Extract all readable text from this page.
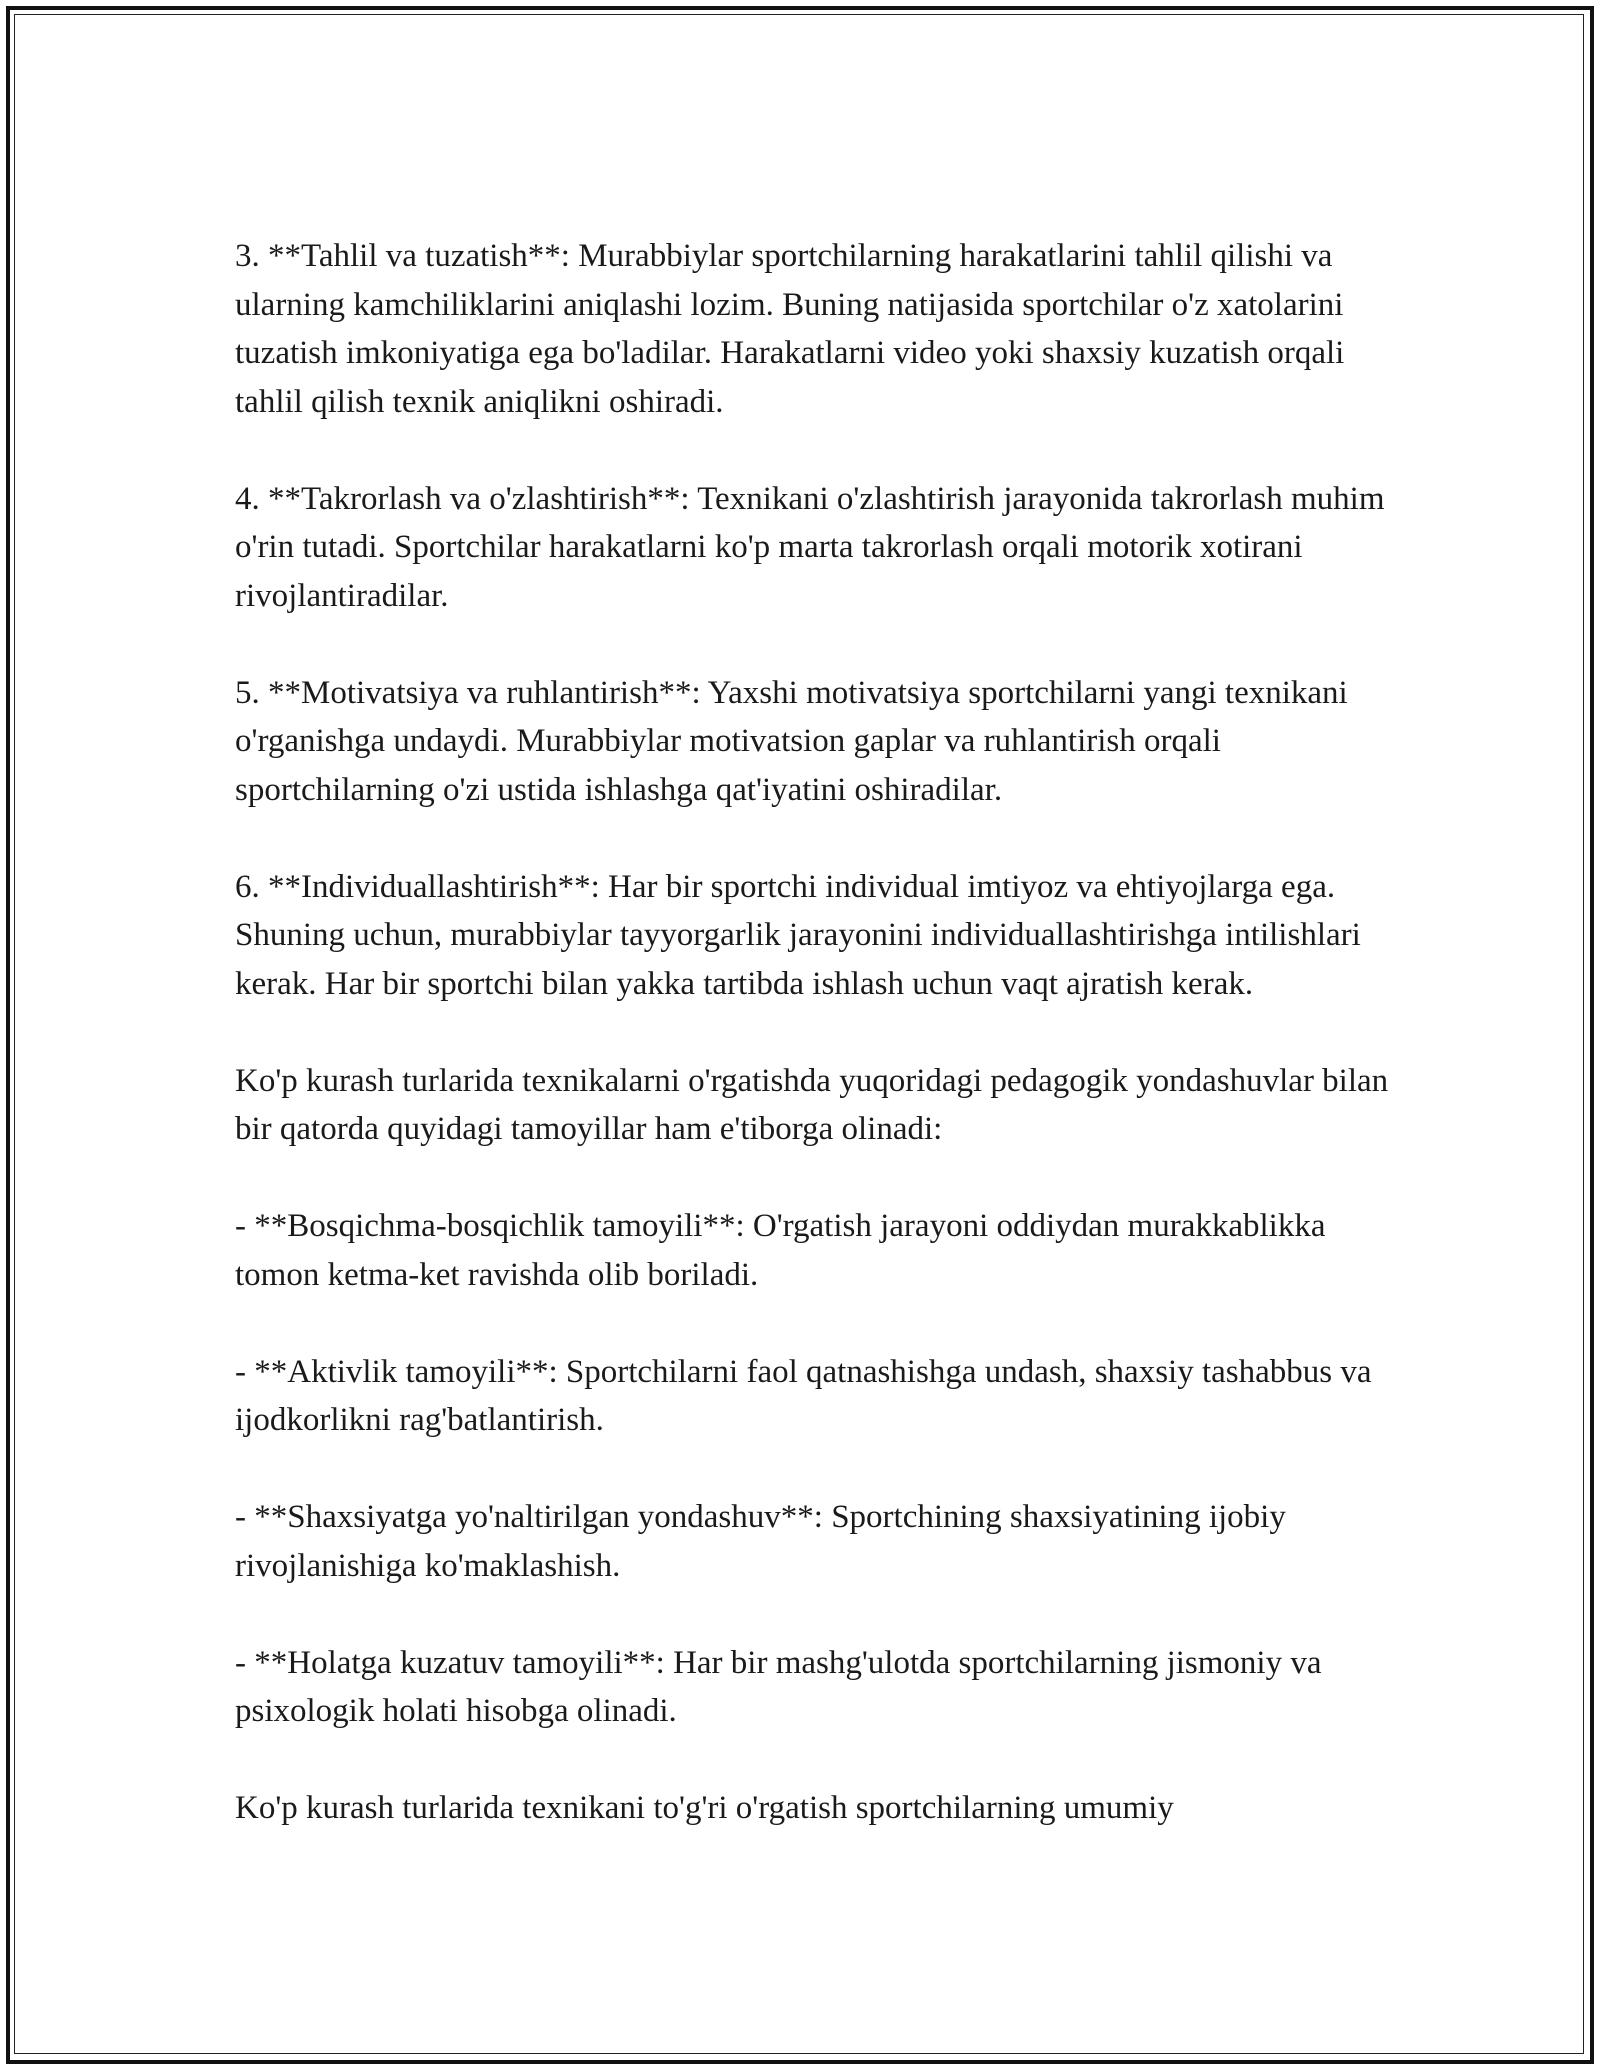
3. **Tahlil va tuzatish**: Murabbiylar sportchilarning harakatlarini tahlil qilishi va ularning kamchiliklarini aniqlashi lozim. Buning natijasida sportchilar o'z xatolarini tuzatish imkoniyatiga ega bo'ladilar. Harakatlarni video yoki shaxsiy kuzatish orqali tahlil qilish texnik aniqlikni oshiradi.

4. **Takrorlash va o'zlashtirish**: Texnikani o'zlashtirish jarayonida takrorlash muhim o'rin tutadi. Sportchilar harakatlarni ko'p marta takrorlash orqali motorik xotirani rivojlantiradilar.

5. **Motivatsiya va ruhlantirish**: Yaxshi motivatsiya sportchilarni yangi texnikani o'rganishga undaydi. Murabbiylar motivatsion gaplar va ruhlantirish orqali sportchilarning o'zi ustida ishlashga qat'iyatini oshiradilar.

6. **Individuallashtirish**: Har bir sportchi individual imtiyoz va ehtiyojlarga ega. Shuning uchun, murabbiylar tayyorgarlik jarayonini individuallashtirishga intilishlari kerak. Har bir sportchi bilan yakka tartibda ishlash uchun vaqt ajratish kerak.

Ko'p kurash turlarida texnikalarni o'rgatishda yuqoridagi pedagogik yondashuvlar bilan bir qatorda quyidagi tamoyillar ham e'tiborga olinadi:

- **Bosqichma-bosqichlik tamoyili**: O'rgatish jarayoni oddiydan murakkablikka tomon ketma-ket ravishda olib boriladi.

- **Aktivlik tamoyili**: Sportchilarni faol qatnashishga undash, shaxsiy tashabbus va ijodkorlikni rag'batlantirish.

- **Shaxsiyatga yo'naltirilgan yondashuv**: Sportchining shaxsiyatining ijobiy rivojlanishiga ko'maklashish.

- **Holatga kuzatuv tamoyili**: Har bir mashg'ulotda sportchilarning jismoniy va psixologik holati hisobga olinadi.

Ko'p kurash turlarida texnikani to'g'ri o'rgatish sportchilarning umumiy
